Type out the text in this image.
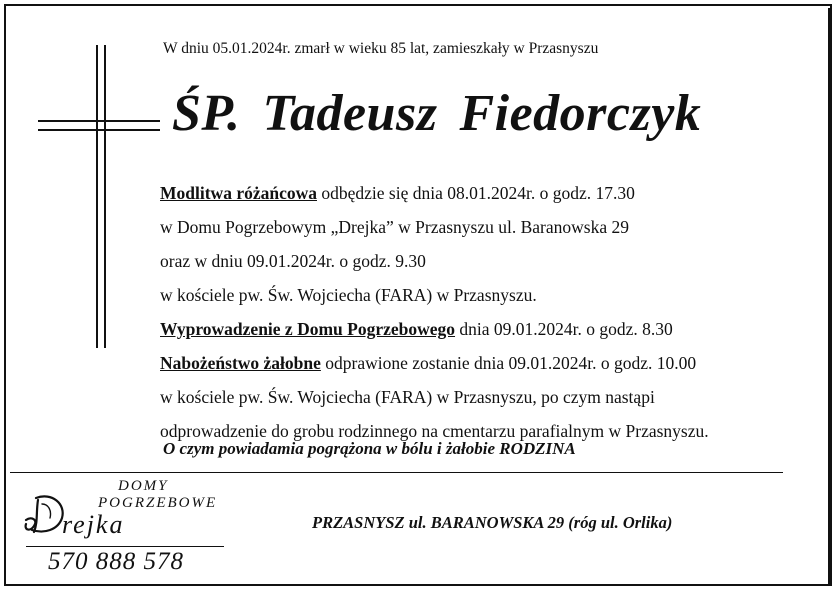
W dniu 05.01.2024r. zmarł w wieku 85 lat, zamieszkały w Przasnyszu
ŚP. Tadeusz Fiedorczyk
Modlitwa różańcowa odbędzie się dnia 08.01.2024r. o godz. 17.30
w Domu Pogrzebowym „Drejka” w Przasnyszu ul. Baranowska 29
oraz w dniu 09.01.2024r. o godz. 9.30
w kościele pw. Św. Wojciecha (FARA) w Przasnyszu.
Wyprowadzenie z Domu Pogrzebowego dnia 09.01.2024r. o godz. 8.30
Nabożeństwo żałobne odprawione zostanie dnia 09.01.2024r. o godz. 10.00
w kościele pw. Św. Wojciecha (FARA) w Przasnyszu, po czym nastąpi
odprowadzenie do grobu rodzinnego na cmentarzu parafialnym w Przasnyszu.
O czym powiadamia pogrążona w bólu i żałobie RODZINA
DOMY
POGRZEBOWE
rejka
570 888 578
PRZASNYSZ ul. BARANOWSKA 29 (róg ul. Orlika)
